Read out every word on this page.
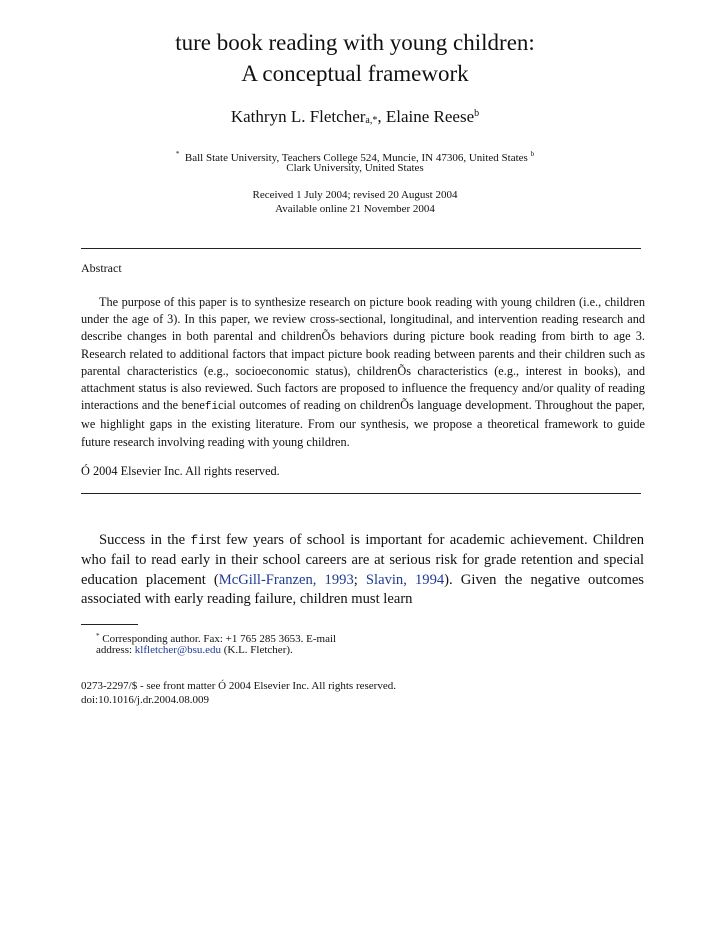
ture book reading with young children:
A conceptual framework
Kathryn L. Fletchera,*, Elaine Reese$^b$
* Ball State University, Teachers College 524, Muncie, IN 47306, United States $^b$
Clark University, United States
Received 1 July 2004; revised 20 August 2004
Available online 21 November 2004
Abstract
The purpose of this paper is to synthesize research on picture book reading with young children (i.e., children under the age of 3). In this paper, we review cross-sectional, longitudinal, and intervention reading research and describe changes in both parental and childrenÕs behaviors during picture book reading from birth to age 3. Research related to additional factors that impact picture book reading between parents and their children such as parental characteristics (e.g., socioeconomic status), childrenÕs characteristics (e.g., interest in books), and attachment status is also reviewed. Such factors are proposed to influence the frequency and/or quality of reading interactions and the beneficial outcomes of reading on childrenÕs language development. Throughout the paper, we highlight gaps in the existing literature. From our synthesis, we propose a theoretical framework to guide future research involving reading with young children.
Ó 2004 Elsevier Inc. All rights reserved.
Success in the first few years of school is important for academic achievement. Children who fail to read early in their school careers are at serious risk for grade retention and special education placement (McGill-Franzen, 1993; Slavin, 1994). Given the negative outcomes associated with early reading failure, children must learn
* Corresponding author. Fax: +1 765 285 3653. E-mail
address: klfletcher@bsu.edu (K.L. Fletcher).
0273-2297/$ - see front matter Ó 2004 Elsevier Inc. All rights reserved.
doi:10.1016/j.dr.2004.08.009
